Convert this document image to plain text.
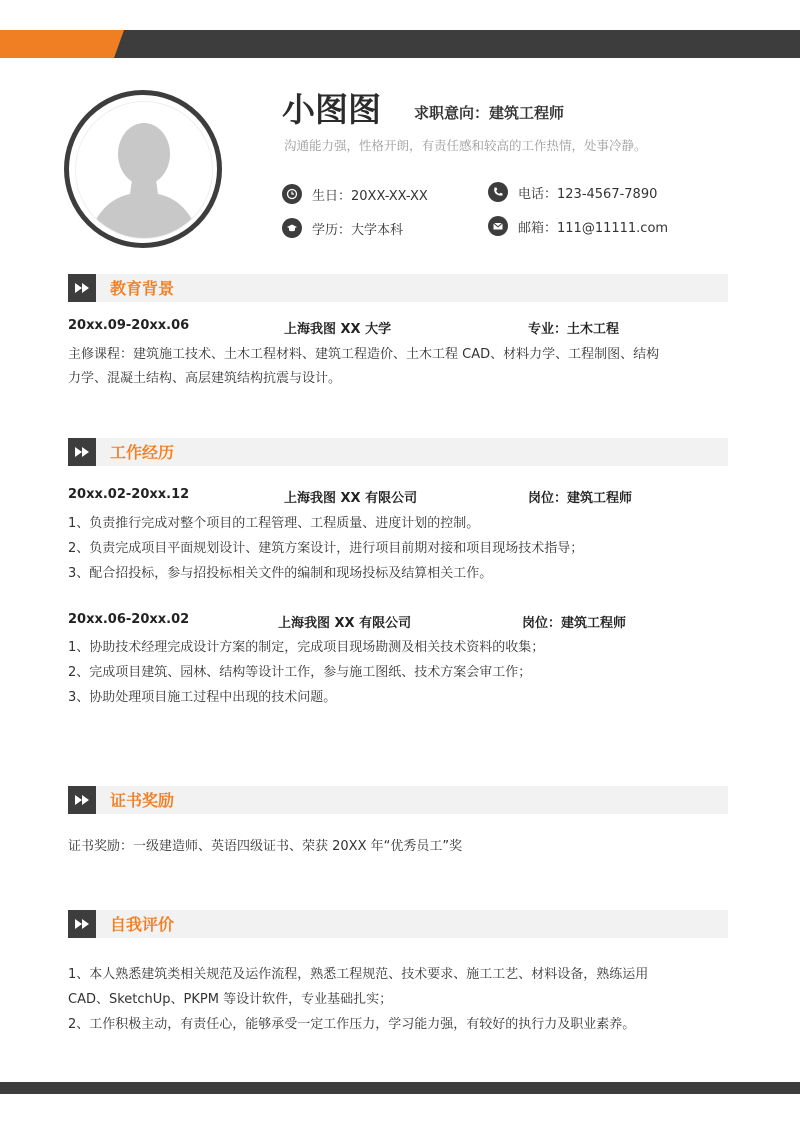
小图图 求职意向：建筑工程师
沟通能力强，性格开朗，有责任感和较高的工作热情，处事冷静。
生日：20XX-XX-XX
学历：大学本科
电话：123-4567-7890
邮箱：111@11111.com
教育背景
20xx.09-20xx.06	上海我图 XX 大学	专业：土木工程
主修课程：建筑施工技术、土木工程材料、建筑工程造价、土木工程 CAD、材料力学、工程制图、结构
力学、混凝土结构、高层建筑结构抗震与设计。
工作经历
20xx.02-20xx.12	上海我图 XX 有限公司	岗位：建筑工程师
1、负责推行完成对整个项目的工程管理、工程质量、进度计划的控制。
2、负责完成项目平面规划设计、建筑方案设计，进行项目前期对接和项目现场技术指导；
3、配合招投标，参与招投标相关文件的编制和现场投标及结算相关工作。
20xx.06-20xx.02	上海我图 XX 有限公司	岗位：建筑工程师
1、协助技术经理完成设计方案的制定，完成项目现场勘测及相关技术资料的收集；
2、完成项目建筑、园林、结构等设计工作，参与施工图纸、技术方案会审工作；
3、协助处理项目施工过程中出现的技术问题。
证书奖励
证书奖励：一级建造师、英语四级证书、荣获 20XX 年“优秀员工”奖
自我评价
1、本人熟悉建筑类相关规范及运作流程，熟悉工程规范、技术要求、施工工艺、材料设备，熟练运用
CAD、SketchUp、PKPM 等设计软件，专业基础扎实；
2、工作积极主动，有责任心，能够承受一定工作压力，学习能力强，有较好的执行力及职业素养。
